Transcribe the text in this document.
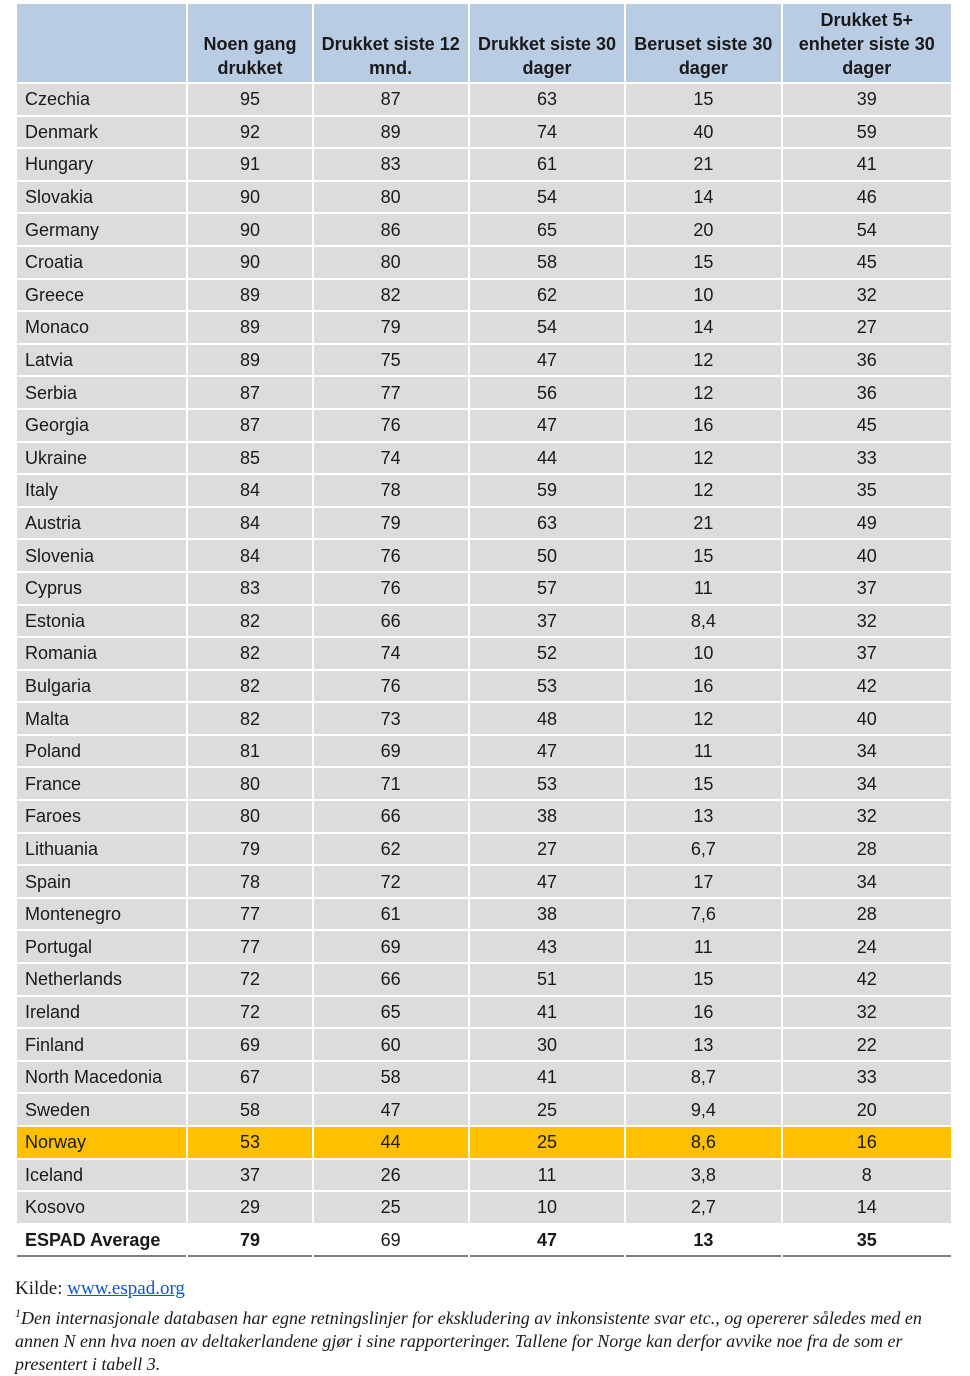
	Noen gang drukket	Drukket siste 12 mnd.	Drukket siste 30 dager	Beruset siste 30 dager	Drukket 5+ enheter siste 30 dager
Czechia	95	87	63	15	39
Denmark	92	89	74	40	59
Hungary	91	83	61	21	41
Slovakia	90	80	54	14	46
Germany	90	86	65	20	54
Croatia	90	80	58	15	45
Greece	89	82	62	10	32
Monaco	89	79	54	14	27
Latvia	89	75	47	12	36
Serbia	87	77	56	12	36
Georgia	87	76	47	16	45
Ukraine	85	74	44	12	33
Italy	84	78	59	12	35
Austria	84	79	63	21	49
Slovenia	84	76	50	15	40
Cyprus	83	76	57	11	37
Estonia	82	66	37	8,4	32
Romania	82	74	52	10	37
Bulgaria	82	76	53	16	42
Malta	82	73	48	12	40
Poland	81	69	47	11	34
France	80	71	53	15	34
Faroes	80	66	38	13	32
Lithuania	79	62	27	6,7	28
Spain	78	72	47	17	34
Montenegro	77	61	38	7,6	28
Portugal	77	69	43	11	24
Netherlands	72	66	51	15	42
Ireland	72	65	41	16	32
Finland	69	60	30	13	22
North Macedonia	67	58	41	8,7	33
Sweden	58	47	25	9,4	20
Norway	53	44	25	8,6	16
Iceland	37	26	11	3,8	8
Kosovo	29	25	10	2,7	14
ESPAD Average	79	69	47	13	35
Kilde: www.espad.org
$^1$Den internasjonale databasen har egne retningslinjer for ekskludering av inkonsistente svar etc., og opererer således med en annen N enn hva noen av deltakerlandene gjør i sine rapporteringer. Tallene for Norge kan derfor avvike noe fra de som er presentert i tabell 3.
